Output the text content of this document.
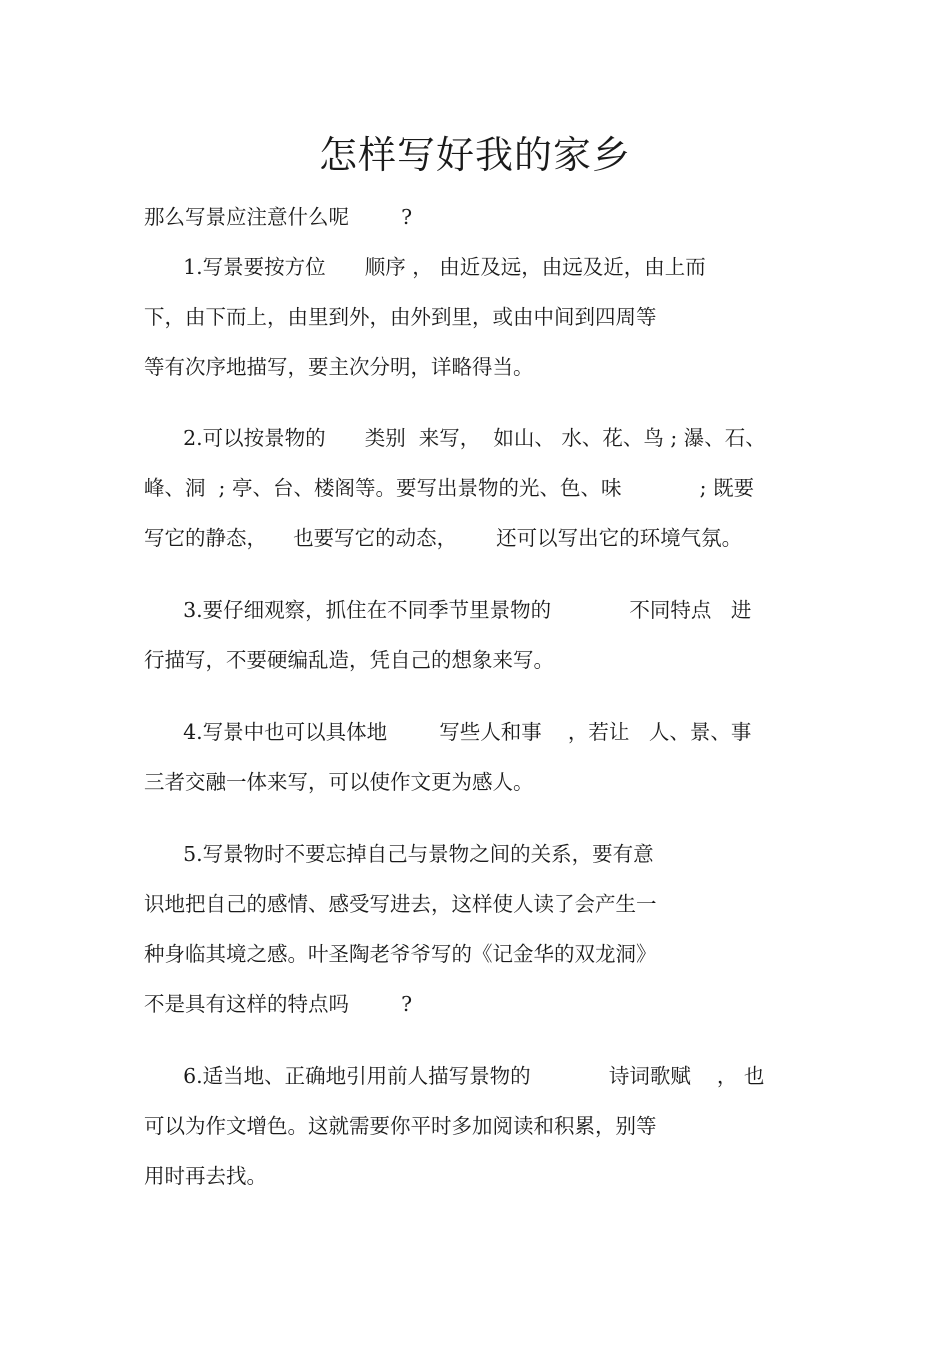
怎样写好我的家乡
那么写景应注意什么呢        ?
1.写景要按方位      顺序 ， 由近及远，由远及近，由上而
下，由下而上，由里到外，由外到里，或由中间到四周等
等有次序地描写，要主次分明，详略得当。
2.可以按景物的      类别  来写，  如山、 水、花、鸟 ; 瀑、石、
峰、洞  ; 亭、台、楼阁等。要写出景物的光、色、味            ; 既要
写它的静态，    也要写它的动态，      还可以写出它的环境气氛。
3.要仔细观察，抓住在不同季节里景物的            不同特点   进
行描写，不要硬编乱造，凭自己的想象来写。
4.写景中也可以具体地        写些人和事    ，若让   人、景、事
三者交融一体来写，可以使作文更为感人。
5.写景物时不要忘掉自己与景物之间的关系，要有意
识地把自己的感情、感受写进去，这样使人读了会产生一
种身临其境之感。叶圣陶老爷爷写的《记金华的双龙洞》
不是具有这样的特点吗        ?
6.适当地、正确地引用前人描写景物的            诗词歌赋    ， 也
可以为作文增色。这就需要你平时多加阅读和积累，别等
用时再去找。
